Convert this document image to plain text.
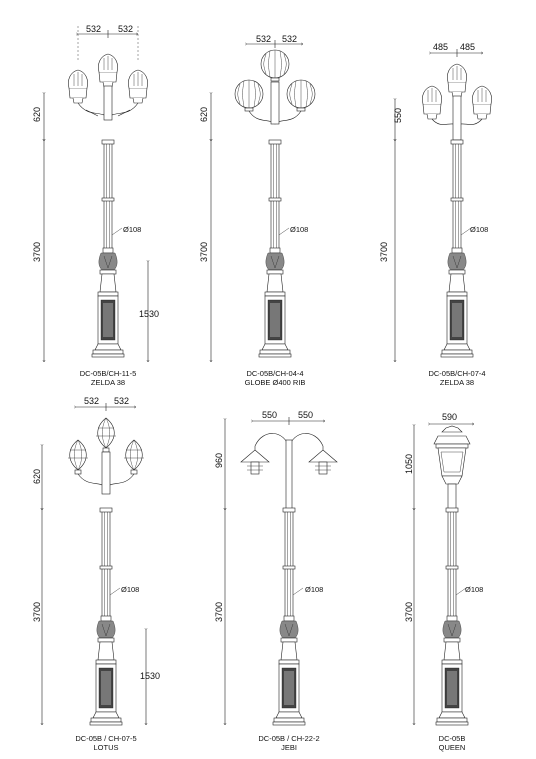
532 532
620
3700
Ø108
1530
DC-05B/CH-11-5
ZELDA 38
532 532
620
3700
Ø108
DC-05B/CH-04-4
GLOBE Ø400 RIB
485 485
550
3700
Ø108
DC-05B/CH-07-4
ZELDA 38
532 532
620
3700
Ø108
1530
DC-05B / CH-07-5
LOTUS
550 550
960
3700
Ø108
DC-05B / CH-22-2
JEBI
590
1050
3700
Ø108
DC-05B
QUEEN
